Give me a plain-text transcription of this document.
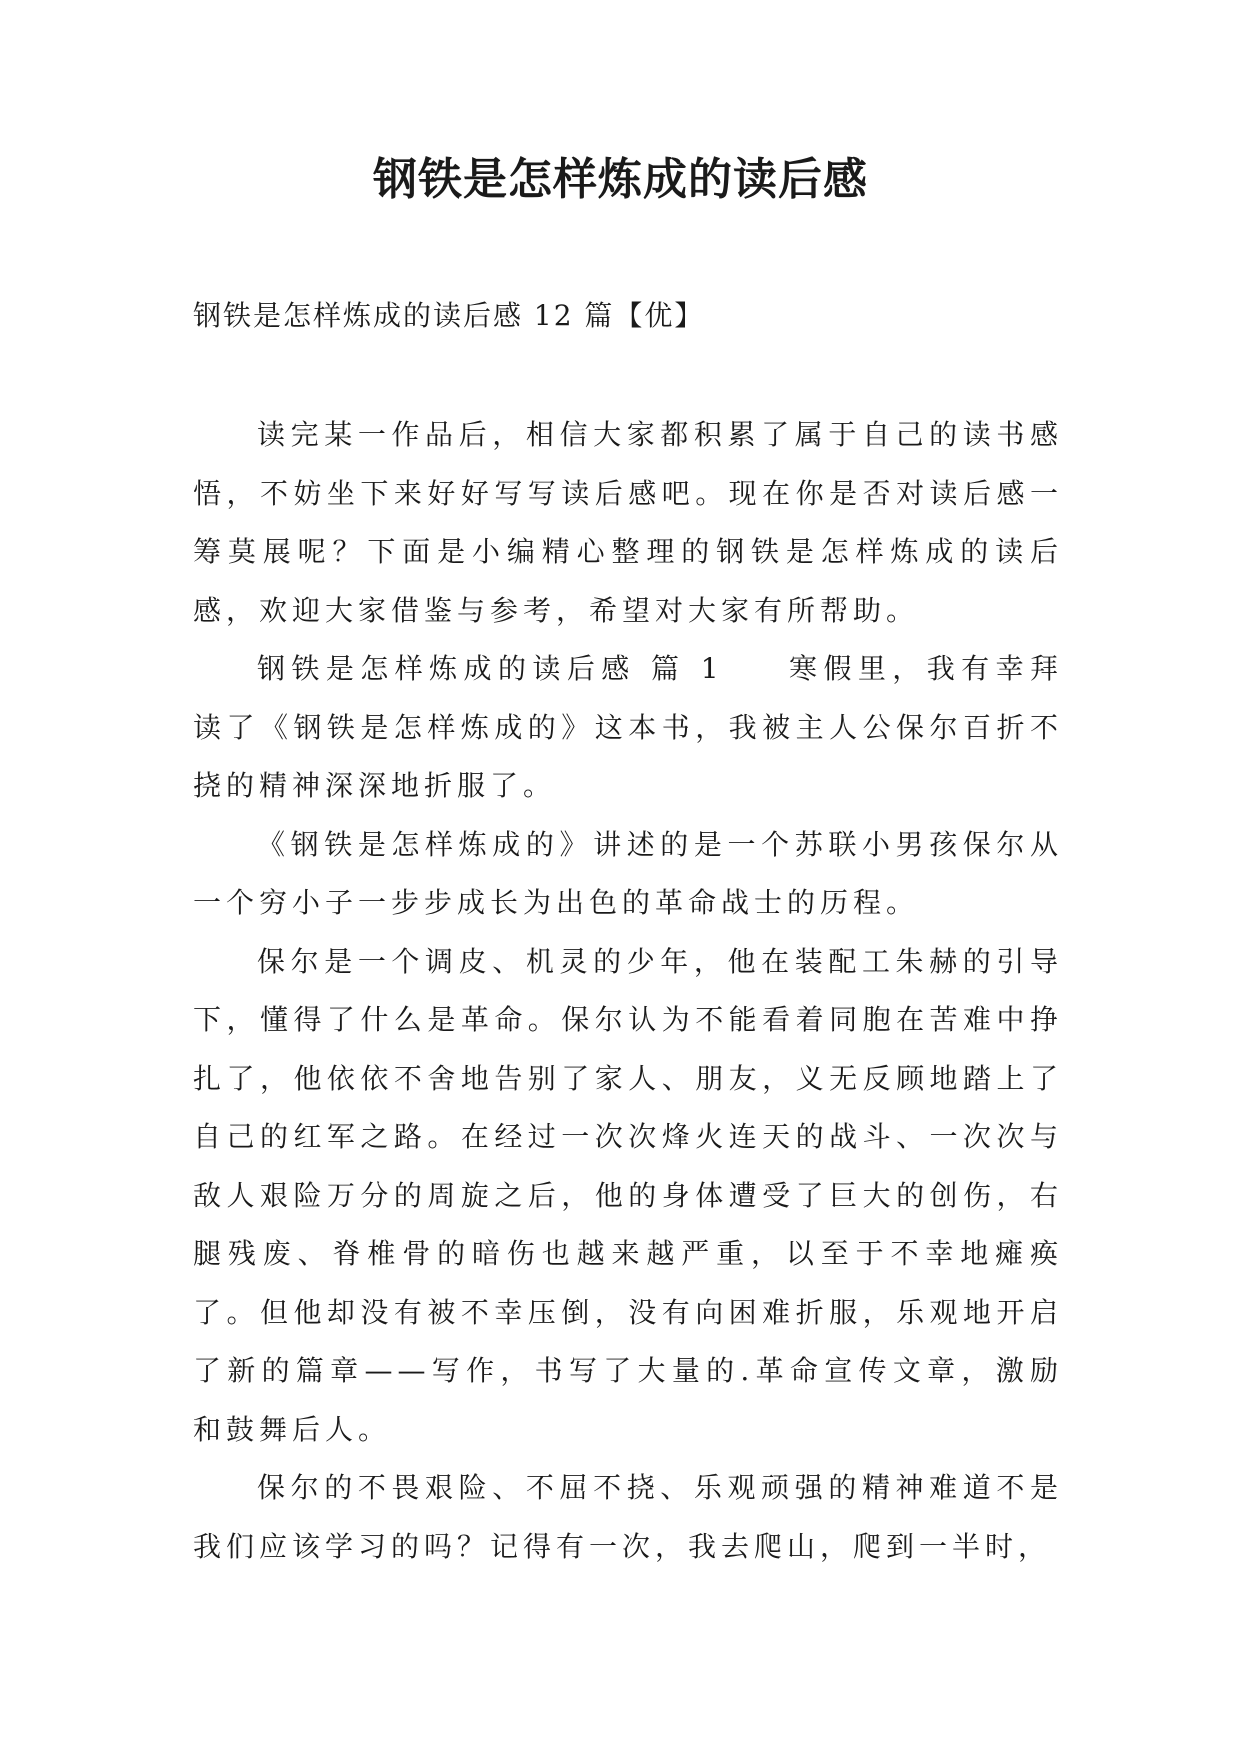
钢铁是怎样炼成的读后感

钢铁是怎样炼成的读后感 12 篇【优】

读完某一作品后，相信大家都积累了属于自己的读书感悟，不妨坐下来好好写写读后感吧。现在你是否对读后感一筹莫展呢？下面是小编精心整理的钢铁是怎样炼成的读后感，欢迎大家借鉴与参考，希望对大家有所帮助。

钢铁是怎样炼成的读后感 篇 1 寒假里，我有幸拜读了《钢铁是怎样炼成的》这本书，我被主人公保尔百折不挠的精神深深地折服了。

《钢铁是怎样炼成的》讲述的是一个苏联小男孩保尔从一个穷小子一步步成长为出色的革命战士的历程。

保尔是一个调皮、机灵的少年，他在装配工朱赫的引导下，懂得了什么是革命。保尔认为不能看着同胞在苦难中挣扎了，他依依不舍地告别了家人、朋友，义无反顾地踏上了自己的红军之路。在经过一次次烽火连天的战斗、一次次与敌人艰险万分的周旋之后，他的身体遭受了巨大的创伤，右腿残废、脊椎骨的暗伤也越来越严重，以至于不幸地瘫痪了。但他却没有被不幸压倒，没有向困难折服，乐观地开启了新的篇章——写作，书写了大量的.革命宣传文章，激励和鼓舞后人。

保尔的不畏艰险、不屈不挠、乐观顽强的精神难道不是我们应该学习的吗？记得有一次，我去爬山，爬到一半时，
